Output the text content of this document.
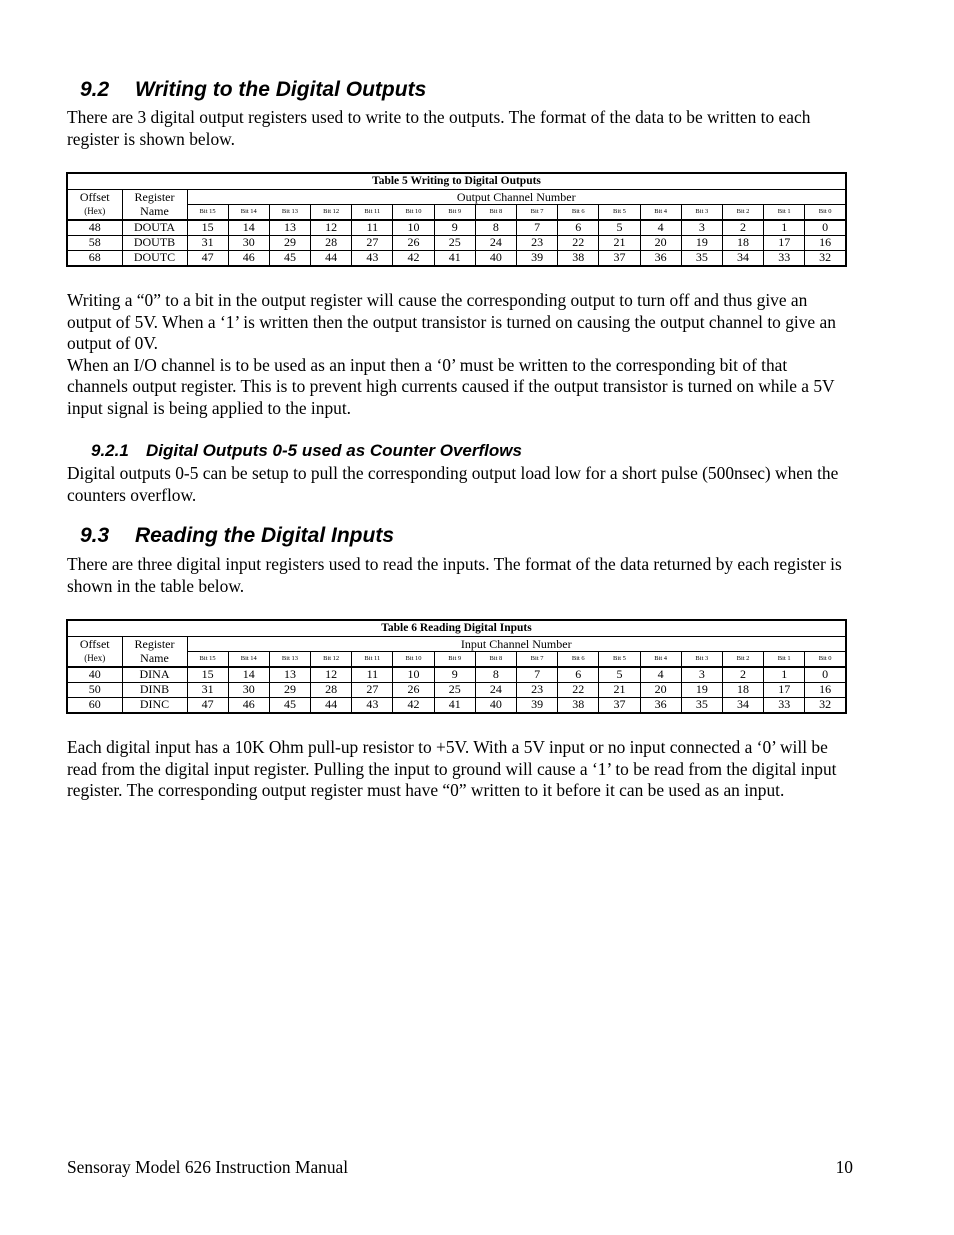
9.2 Writing to the Digital Outputs

There are 3 digital output registers used to write to the outputs. The format of the data to be written to each register is shown below.

Table 5 Writing to Digital Outputs																	
Offset	Register	Output Channel Number															
(Hex)	Name	Bit 15	Bit 14	Bit 13	Bit 12	Bit 11	Bit 10	Bit 9	Bit 8	Bit 7	Bit 6	Bit 5	Bit 4	Bit 3	Bit 2	Bit 1	Bit 0
48	DOUTA	15	14	13	12	11	10	9	8	7	6	5	4	3	2	1	0
58	DOUTB	31	30	29	28	27	26	25	24	23	22	21	20	19	18	17	16
68	DOUTC	47	46	45	44	43	42	41	40	39	38	37	36	35	34	33	32

Writing a “0” to a bit in the output register will cause the corresponding output to turn off and thus give an output of 5V. When a ‘1’ is written then the output transistor is turned on causing the output channel to give an output of 0V.

When an I/O channel is to be used as an input then a ‘0’ must be written to the corresponding bit of that channels output register. This is to prevent high currents caused if the output transistor is turned on while a 5V input signal is being applied to the input.

9.2.1 Digital Outputs 0-5 used as Counter Overflows

Digital outputs 0-5 can be setup to pull the corresponding output load low for a short pulse (500nsec) when the counters overflow.

9.3 Reading the Digital Inputs

There are three digital input registers used to read the inputs. The format of the data returned by each register is shown in the table below.

Table 6 Reading Digital Inputs																	
Offset	Register	Input Channel Number															
(Hex)	Name	Bit 15	Bit 14	Bit 13	Bit 12	Bit 11	Bit 10	Bit 9	Bit 8	Bit 7	Bit 6	Bit 5	Bit 4	Bit 3	Bit 2	Bit 1	Bit 0
40	DINA	15	14	13	12	11	10	9	8	7	6	5	4	3	2	1	0
50	DINB	31	30	29	28	27	26	25	24	23	22	21	20	19	18	17	16
60	DINC	47	46	45	44	43	42	41	40	39	38	37	36	35	34	33	32

Each digital input has a 10K Ohm pull-up resistor to +5V. With a 5V input or no input connected a ‘0’ will be read from the digital input register. Pulling the input to ground will cause a ‘1’ to be read from the digital input register. The corresponding output register must have “0” written to it before it can be used as an input.

Sensoray Model 626 Instruction Manual	10
